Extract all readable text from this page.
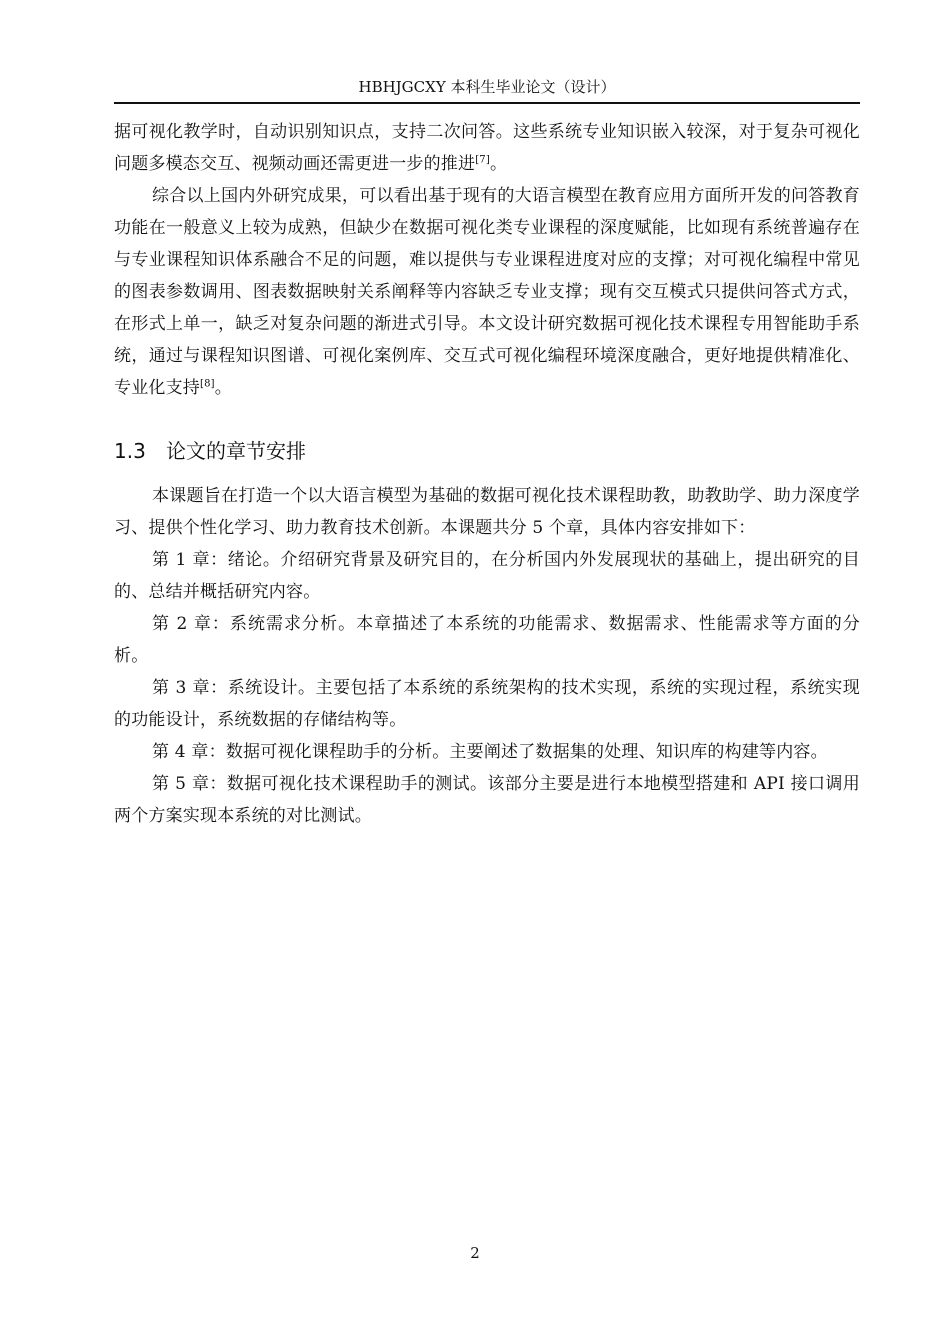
HBHJGCXY 本科生毕业论文（设计）

据可视化教学时，自动识别知识点，支持二次问答。这些系统专业知识嵌入较深，对于复杂可视化问题多模态交互、视频动画还需更进一步的推进[7]。

综合以上国内外研究成果，可以看出基于现有的大语言模型在教育应用方面所开发的问答教育功能在一般意义上较为成熟，但缺少在数据可视化类专业课程的深度赋能，比如现有系统普遍存在与专业课程知识体系融合不足的问题，难以提供与专业课程进度对应的支撑；对可视化编程中常见的图表参数调用、图表数据映射关系阐释等内容缺乏专业支撑；现有交互模式只提供问答式方式，在形式上单一，缺乏对复杂问题的渐进式引导。本文设计研究数据可视化技术课程专用智能助手系统，通过与课程知识图谱、可视化案例库、交互式可视化编程环境深度融合，更好地提供精准化、专业化支持[8]。

1.3 论文的章节安排

本课题旨在打造一个以大语言模型为基础的数据可视化技术课程助教，助教助学、助力深度学习、提供个性化学习、助力教育技术创新。本课题共分 5 个章，具体内容安排如下：

第 1 章：绪论。介绍研究背景及研究目的，在分析国内外发展现状的基础上，提出研究的目的、总结并概括研究内容。

第 2 章：系统需求分析。本章描述了本系统的功能需求、数据需求、性能需求等方面的分析。

第 3 章：系统设计。主要包括了本系统的系统架构的技术实现，系统的实现过程，系统实现的功能设计，系统数据的存储结构等。

第 4 章：数据可视化课程助手的分析。主要阐述了数据集的处理、知识库的构建等内容。

第 5 章：数据可视化技术课程助手的测试。该部分主要是进行本地模型搭建和 API 接口调用两个方案实现本系统的对比测试。

2
